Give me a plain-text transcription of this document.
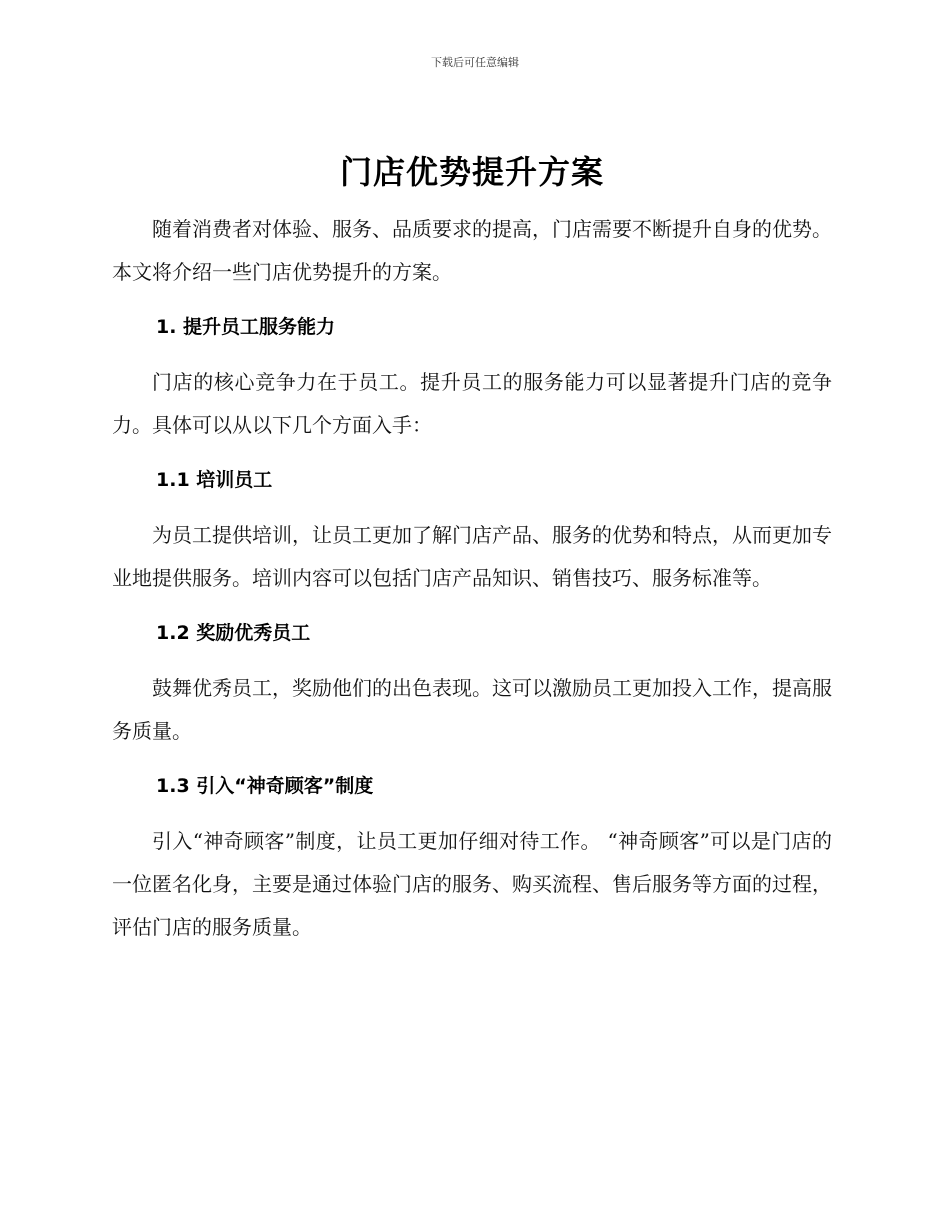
下载后可任意编辑
门店优势提升方案

随着消费者对体验、服务、品质要求的提高，门店需要不断提升自身的优势。本文将介绍一些门店优势提升的方案。

1. 提升员工服务能力

门店的核心竞争力在于员工。提升员工的服务能力可以显著提升门店的竞争力。具体可以从以下几个方面入手：

1.1 培训员工

为员工提供培训，让员工更加了解门店产品、服务的优势和特点，从而更加专业地提供服务。培训内容可以包括门店产品知识、销售技巧、服务标准等。

1.2 奖励优秀员工

鼓舞优秀员工，奖励他们的出色表现。这可以激励员工更加投入工作，提高服务质量。

1.3 引入“神奇顾客”制度

引入“神奇顾客”制度，让员工更加仔细对待工作。 “神奇顾客”可以是门店的一位匿名化身，主要是通过体验门店的服务、购买流程、售后服务等方面的过程，评估门店的服务质量。
